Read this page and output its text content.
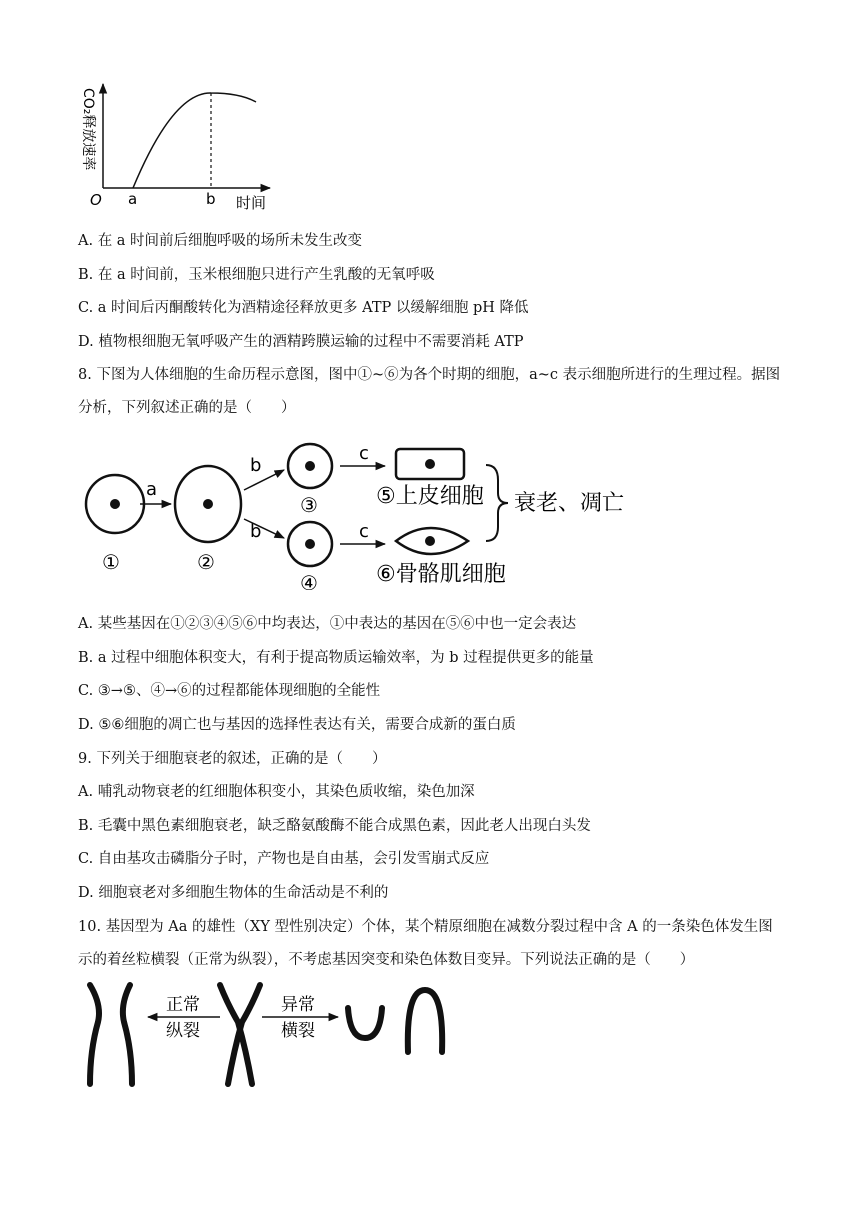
CO₂释放速率
O a	b 时间
A. 在 a 时间前后细胞呼吸的场所未发生改变
B. 在 a 时间前，玉米根细胞只进行产生乳酸的无氧呼吸
C. a 时间后丙酮酸转化为酒精途径释放更多 ATP 以缓解细胞 pH 降低
D. 植物根细胞无氧呼吸产生的酒精跨膜运输的过程中不需要消耗 ATP
8. 下图为人体细胞的生命历程示意图，图中①~⑥为各个时期的细胞，a~c 表示细胞所进行的生理过程。据图分析，下列叙述正确的是（　　）
①
a
②
b
b
③
④
c
c
⑤上皮细胞
⑥骨骼肌细胞
衰老、凋亡
A. 某些基因在①②③④⑤⑥中均表达，①中表达的基因在⑤⑥中也一定会表达
B. a 过程中细胞体积变大，有利于提高物质运输效率，为 b 过程提供更多的能量
C. ③→⑤、④→⑥的过程都能体现细胞的全能性
D. ⑤⑥细胞的凋亡也与基因的选择性表达有关，需要合成新的蛋白质
9. 下列关于细胞衰老的叙述，正确的是（　　）
A. 哺乳动物衰老的红细胞体积变小，其染色质收缩，染色加深
B. 毛囊中黑色素细胞衰老，缺乏酪氨酸酶不能合成黑色素，因此老人出现白头发
C. 自由基攻击磷脂分子时，产物也是自由基，会引发雪崩式反应
D. 细胞衰老对多细胞生物体的生命活动是不利的
10. 基因型为 Aa 的雄性（XY 型性别决定）个体，某个精原细胞在减数分裂过程中含 A 的一条染色体发生图示的着丝粒横裂（正常为纵裂），不考虑基因突变和染色体数目变异。下列说法正确的是（　　）
正常
纵裂
异常
横裂
